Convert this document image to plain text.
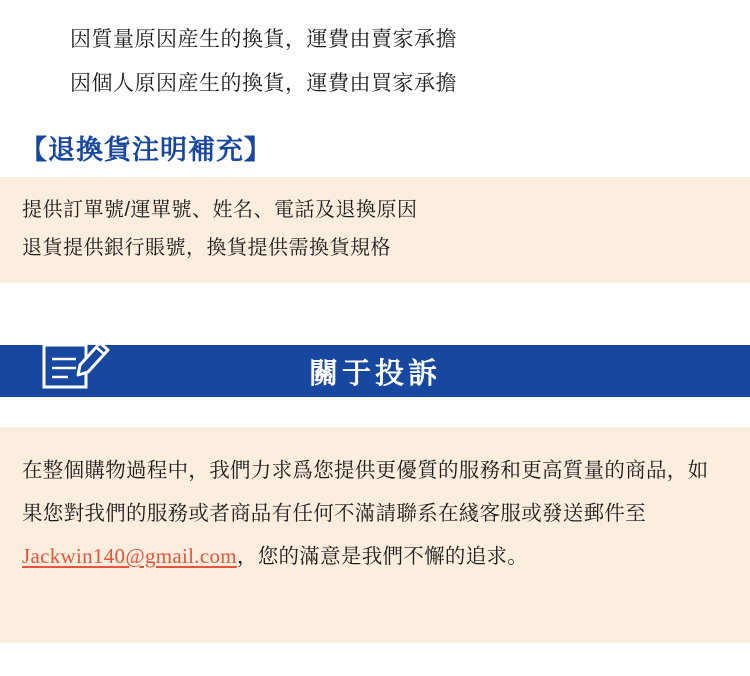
因質量原因産生的換貨，運費由賣家承擔
因個人原因産生的換貨，運費由買家承擔
【退換貨注明補充】
提供訂單號/運單號、姓名、電話及退換原因
退貨提供銀行賬號，換貨提供需換貨規格
關于投訴
在整個購物過程中，我們力求爲您提供更優質的服務和更高質量的商品，如果您對我們的服務或者商品有任何不滿請聯系在綫客服或發送郵件至 Jackwin140@gmail.com，您的滿意是我們不懈的追求。
